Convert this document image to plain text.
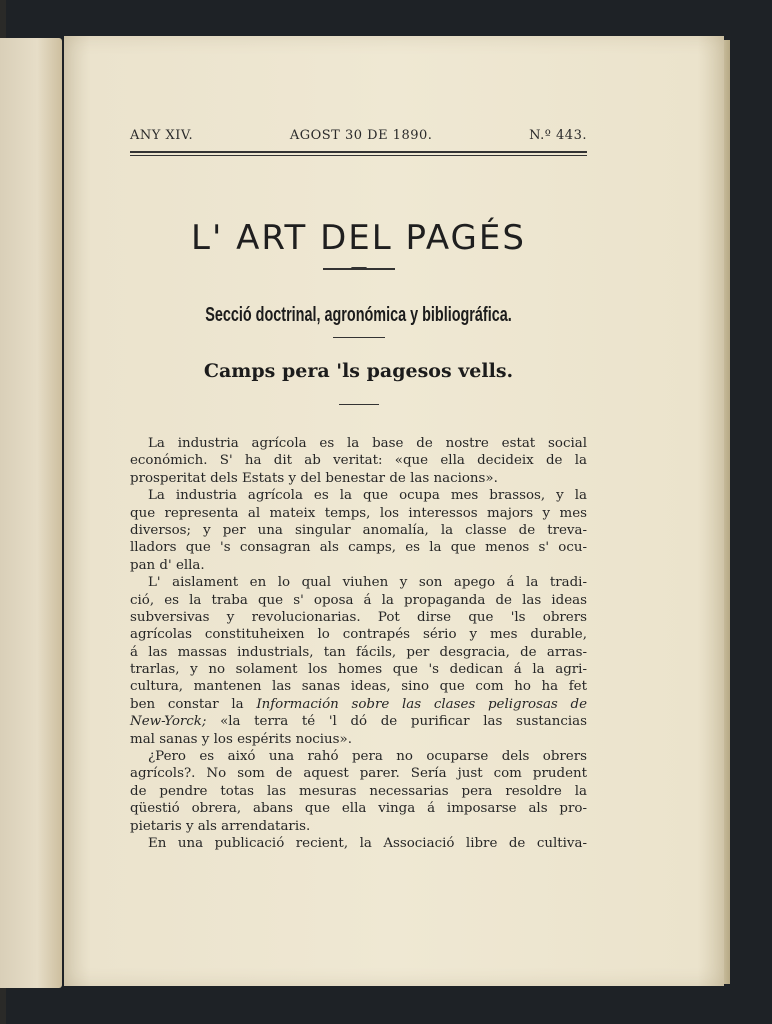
ANY XIV.	AGOST 30 DE 1890.	N.º 443.
L' ART DEL PAGÉS
Secció doctrinal, agronómica y bibliográfica.
Camps pera 'ls pagesos vells.
La industria agrícola es la base de nostre estat social
económich. S' ha dit ab veritat: «que ella decideix de la
prosperitat dels Estats y del benestar de las nacions».
La industria agrícola es la que ocupa mes brassos, y la
que representa al mateix temps, los interessos majors y mes
diversos; y per una singular anomalía, la classe de treva-
lladors que 's consagran als camps, es la que menos s' ocu-
pan d' ella.
L' aislament en lo qual viuhen y son apego á la tradi-
ció, es la traba que s' oposa á la propaganda de las ideas
subversivas y revolucionarias. Pot dirse que 'ls obrers
agrícolas constituheixen lo contrapés sério y mes durable,
á las massas industrials, tan fácils, per desgracia, de arras-
trarlas, y no solament los homes que 's dedican á la agri-
cultura, mantenen las sanas ideas, sino que com ho ha fet
ben constar la Información sobre las clases peligrosas de
New-Yorck; «la terra té 'l dó de purificar las sustancias
mal sanas y los espérits nocius».
¿Pero es aixó una rahó pera no ocuparse dels obrers
agrícols?. No som de aquest parer. Sería just com prudent
de pendre totas las mesuras necessarias pera resoldre la
qüestió obrera, abans que ella vinga á imposarse als pro-
pietaris y als arrendataris.
En una publicació recient, la Associació libre de cultiva-
